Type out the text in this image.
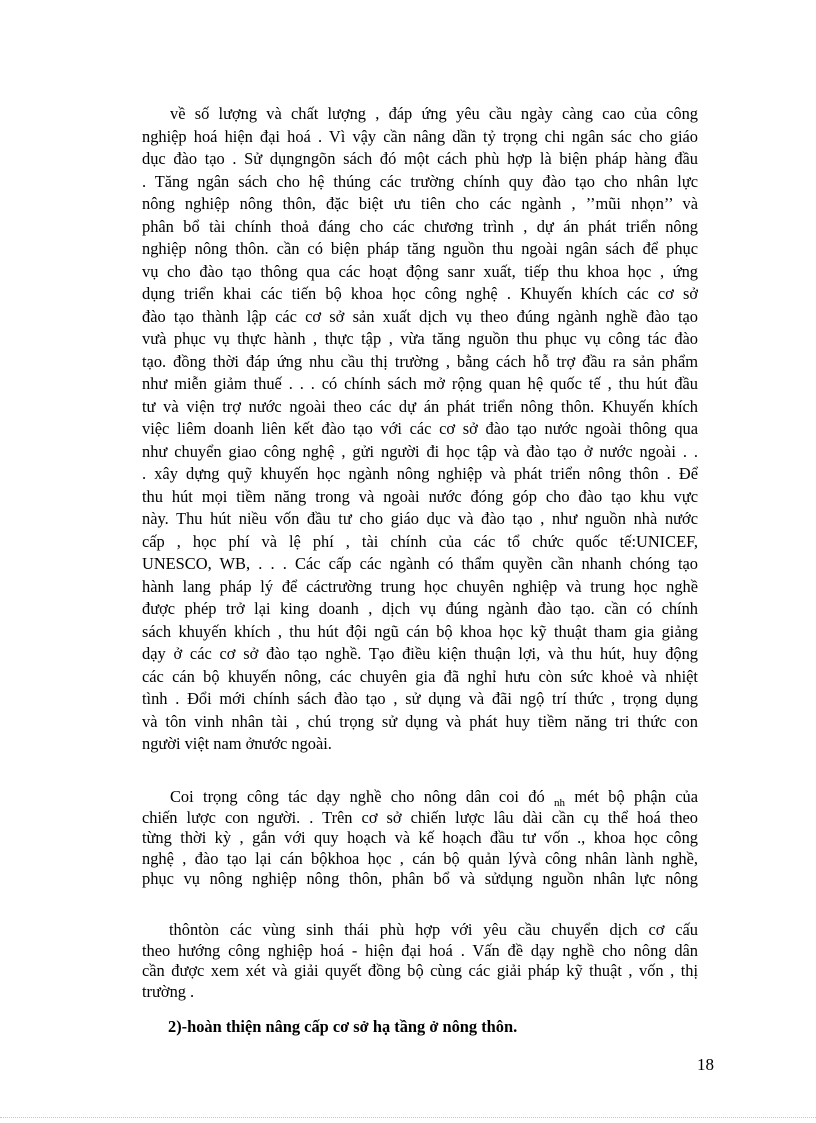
về số lượng và chất lượng , đáp ứng yêu cầu ngày càng cao của công
nghiệp hoá hiện đại hoá . Vì vậy cần nâng dần tỷ trọng chi ngân sác cho giáo
dục đào tạo . Sử dụngngõn sách đó một cách phù hợp là biện pháp hàng đầu
. Tăng ngân sách cho hệ thúng các trường chính quy đào tạo cho nhân lực
nông nghiệp nông thôn, đặc biệt ưu tiên cho các ngành , ’’mũi nhọn’’ và
phân bổ tài chính thoả đáng cho các chương trình , dự án phát triển nông
nghiệp nông thôn. cần có biện pháp tăng nguồn thu ngoài ngân sách để phục
vụ cho đào tạo thông qua các hoạt động sanr xuất, tiếp thu khoa học , ứng
dụng triển khai các tiến bộ khoa học công nghệ . Khuyến khích các cơ sở
đào tạo thành lập các cơ sở sản xuất dịch vụ theo đúng ngành nghề đào tạo
vưà phục vụ thực hành , thực tập , vừa tăng nguồn thu phục vụ công tác đào
tạo. đồng thời đáp ứng nhu cầu thị trường , bằng cách hỗ trợ đầu ra sản phẩm
như miễn giảm thuế . . . có chính sách mở rộng quan hệ quốc tế , thu hút đầu
tư và viện trợ nước ngoài theo các dự án phát triển nông thôn. Khuyến khích
việc liêm doanh liên kết đào tạo với các cơ sở đào tạo nước ngoài thông qua
như chuyển giao công nghệ , gửi người đi học tập và đào tạo ở nước ngoài . .
. xây dựng quỹ khuyến học ngành nông nghiệp và phát triển nông thôn . Để
thu hút mọi tiềm năng trong và ngoài nước đóng góp cho đào tạo khu vực
này. Thu hút niều vốn đầu tư cho giáo dục và đào tạo , như nguồn nhà nước
cấp , học phí và lệ phí , tài chính của các tổ chức quốc tế:UNICEF,
UNESCO, WB, . . . Các cấp các ngành có thẩm quyền cần nhanh chóng tạo
hành lang pháp lý để cáctrường trung học chuyên nghiệp và trung học nghề
được phép trở lại king doanh , dịch vụ đúng ngành đào tạo. cần có chính
sách khuyến khích , thu hút đội ngũ cán bộ khoa học kỹ thuật tham gia giảng
dạy ở các cơ sở đào tạo nghề. Tạo điều kiện thuận lợi, và thu hút, huy động
các cán bộ khuyến nông, các chuyên gia đã nghỉ hưu còn sức khoẻ và nhiệt
tình . Đổi mới chính sách đào tạo , sử dụng và đãi ngộ trí thức , trọng dụng
và tôn vinh nhân tài , chú trọng sử dụng và phát huy tiềm năng tri thức con
người việt nam ởnước ngoài.
Coi trọng công tác dạy nghề cho nông dân coi đó $_{nh}$ mét bộ phận của
chiến lược con người. . Trên cơ sở chiến lược lâu dài cần cụ thể hoá theo
từng thời kỳ , gắn với quy hoạch và kế hoạch đầu tư vốn ., khoa học công
nghệ , đào tạo lại cán bộkhoa học , cán bộ quản lývà công nhân lành nghề,
phục vụ nông nghiệp nông thôn, phân bổ và sửdụng nguồn nhân lực nông
thôntòn các vùng sinh thái phù hợp với yêu cầu chuyển dịch cơ cấu
theo hướng công nghiệp hoá - hiện đại hoá . Vấn đề dạy nghề cho nông dân
cần được xem xét và giải quyết đồng bộ cùng các giải pháp kỹ thuật , vốn , thị
trường .
2)-hoàn thiện nâng cấp cơ sở hạ tầng ở nông thôn.
18
